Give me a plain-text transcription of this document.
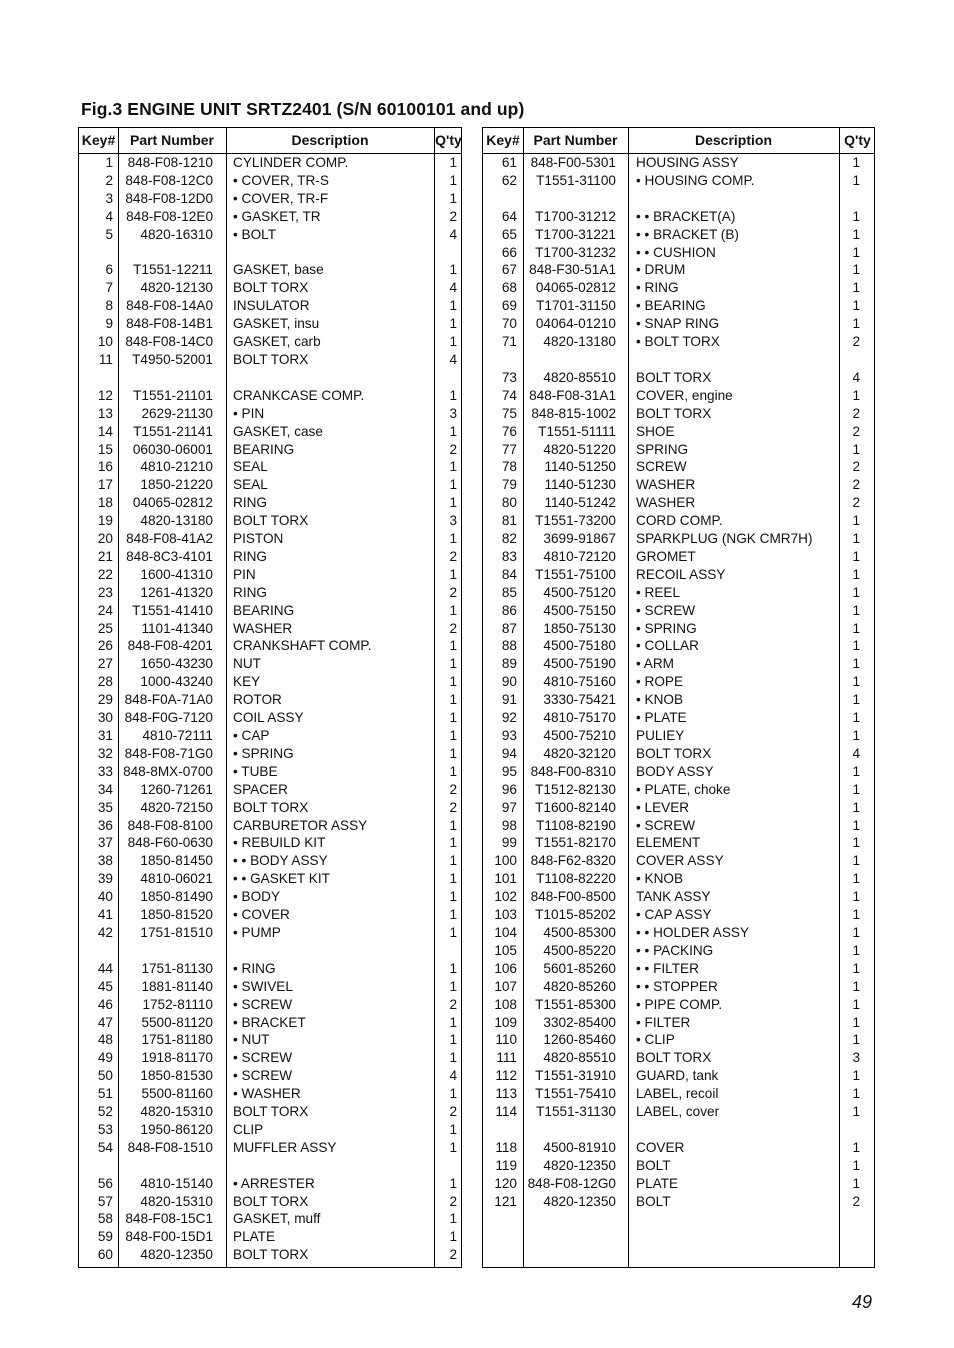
Fig.3 ENGINE UNIT SRTZ2401 (S/N 60100101 and up)
Key#	Part Number	Description	Q'ty
1	848-F08-1210 CYLINDER COMP.	1
2 848-F08-12C0 • COVER, TR-S	1
3 848-F08-12D0 • COVER, TR-F	1
4 848-F08-12E0 • GASKET, TR	2
5	4820-16310 • BOLT	4
6	T1551-12211 GASKET, base	1
7	4820-12130 BOLT TORX	4
8 848-F08-14A0 INSULATOR	1
9 848-F08-14B1 GASKET, insu	1
10 848-F08-14C0 GASKET, carb	1
11	T4950-52001 BOLT TORX	4
12	T1551-21101 CRANKCASE COMP.	1
13	2629-21130 • PIN	3
14	T1551-21141 GASKET, case	1
15	06030-06001 BEARING	2
16	4810-21210 SEAL	1
17	1850-21220 SEAL	1
18	04065-02812 RING	1
19	4820-13180 BOLT TORX	3
20 848-F08-41A2 PISTON	1
21 848-8C3-4101 RING	2
22	1600-41310 PIN	1
23	1261-41320 RING	2
24	T1551-41410 BEARING	1
25	1101-41340 WASHER	2
26	848-F08-4201 CRANKSHAFT COMP.	1
27	1650-43230 NUT	1
28	1000-43240 KEY	1
29 848-F0A-71A0 ROTOR	1
30 848-F0G-7120 COIL ASSY	1
31	4810-72111 • CAP	1
32 848-F08-71G0 • SPRING	1
33 848-8MX-0700 • TUBE	1
34	1260-71261 SPACER	2
35	4820-72150 BOLT TORX	2
36	848-F08-8100 CARBURETOR ASSY	1
37	848-F60-0630 • REBUILD KIT	1
38	1850-81450 • • BODY ASSY	1
39	4810-06021 • • GASKET KIT	1
40	1850-81490 • BODY	1
41	1850-81520 • COVER	1
42	1751-81510 • PUMP	1
44	1751-81130 • RING	1
45	1881-81140 • SWIVEL	1
46	1752-81110 • SCREW	2
47	5500-81120 • BRACKET	1
48	1751-81180 • NUT	1
49	1918-81170 • SCREW	1
50	1850-81530 • SCREW	4
51	5500-81160 • WASHER	1
52	4820-15310 BOLT TORX	2
53	1950-86120 CLIP	1
54	848-F08-1510 MUFFLER ASSY	1
56	4810-15140 • ARRESTER	1
57	4820-15310 BOLT TORX	2
58 848-F08-15C1 GASKET, muff	1
59 848-F00-15D1 PLATE	1
60	4820-12350 BOLT TORX	2
Key# Part Number	Description	Q'ty
61 848-F00-5301 HOUSING ASSY	1
62	T1551-31100 • HOUSING COMP.	1
64	T1700-31212 • • BRACKET(A)	1
65	T1700-31221 • • BRACKET (B)	1
66	T1700-31232 • • CUSHION	1
67 848-F30-51A1 • DRUM	1
68	04065-02812 • RING	1
69	T1701-31150 • BEARING	1
70	04064-01210 • SNAP RING	1
71	4820-13180 • BOLT TORX	2
73	4820-85510 BOLT TORX	4
74 848-F08-31A1 COVER, engine	1
75	848-815-1002 BOLT TORX	2
76	T1551-51111 SHOE	2
77	4820-51220 SPRING	1
78	1140-51250 SCREW	2
79	1140-51230 WASHER	2
80	1140-51242 WASHER	2
81	T1551-73200 CORD COMP.	1
82	3699-91867 SPARKPLUG (NGK CMR7H)	1
83	4810-72120 GROMET	1
84	T1551-75100 RECOIL ASSY	1
85	4500-75120 • REEL	1
86	4500-75150 • SCREW	1
87	1850-75130 • SPRING	1
88	4500-75180 • COLLAR	1
89	4500-75190 • ARM	1
90	4810-75160 • ROPE	1
91	3330-75421 • KNOB	1
92	4810-75170 • PLATE	1
93	4500-75210 PULIEY	1
94	4820-32120 BOLT TORX	4
95 848-F00-8310 BODY ASSY	1
96	T1512-82130 • PLATE, choke	1
97	T1600-82140 • LEVER	1
98	T1108-82190 • SCREW	1
99	T1551-82170 ELEMENT	1
100 848-F62-8320 COVER ASSY	1
101	T1108-82220 • KNOB	1
102 848-F00-8500 TANK ASSY	1
103	T1015-85202 • CAP ASSY	1
104	4500-85300 • • HOLDER ASSY	1
105	4500-85220 • • PACKING	1
106	5601-85260 • • FILTER	1
107	4820-85260 • • STOPPER	1
108	T1551-85300 • PIPE COMP.	1
109	3302-85400 • FILTER	1
110	1260-85460 • CLIP	1
111	4820-85510 BOLT TORX	3
112	T1551-31910 GUARD, tank	1
113	T1551-75410 LABEL, recoil	1
114	T1551-31130 LABEL, cover	1
118	4500-81910 COVER	1
119	4820-12350 BOLT	1
120 848-F08-12G0 PLATE	1
121	4820-12350 BOLT	2
49
